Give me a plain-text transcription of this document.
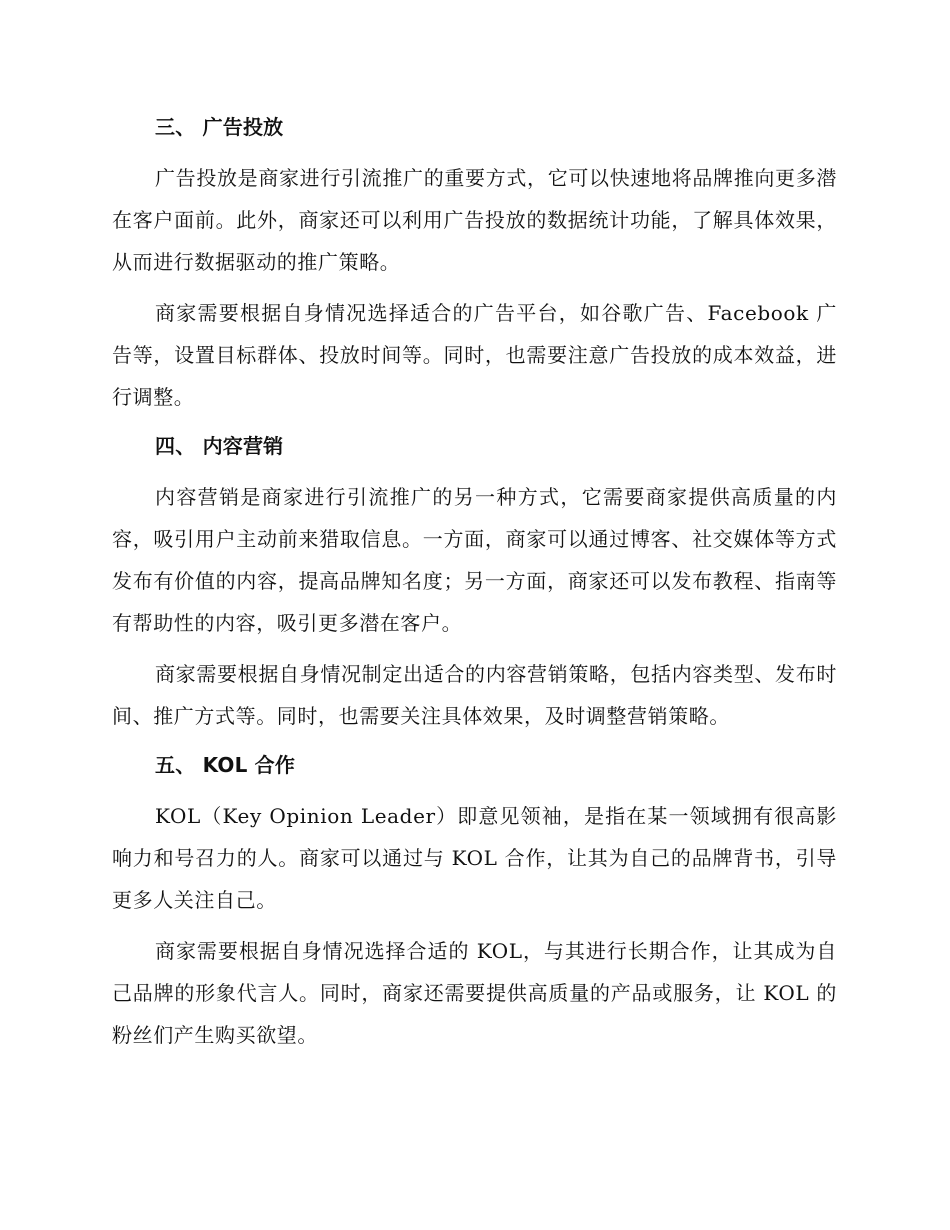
三、 广告投放

广告投放是商家进行引流推广的重要方式，它可以快速地将品牌推向更多潜在客户面前。此外，商家还可以利用广告投放的数据统计功能，了解具体效果，从而进行数据驱动的推广策略。

商家需要根据自身情况选择适合的广告平台，如谷歌广告、Facebook 广告等，设置目标群体、投放时间等。同时，也需要注意广告投放的成本效益，进行调整。

四、 内容营销

内容营销是商家进行引流推广的另一种方式，它需要商家提供高质量的内容，吸引用户主动前来猎取信息。一方面，商家可以通过博客、社交媒体等方式发布有价值的内容，提高品牌知名度；另一方面，商家还可以发布教程、指南等有帮助性的内容，吸引更多潜在客户。

商家需要根据自身情况制定出适合的内容营销策略，包括内容类型、发布时间、推广方式等。同时，也需要关注具体效果，及时调整营销策略。

五、 KOL 合作

KOL（Key Opinion Leader）即意见领袖，是指在某一领域拥有很高影响力和号召力的人。商家可以通过与 KOL 合作，让其为自己的品牌背书，引导更多人关注自己。

商家需要根据自身情况选择合适的 KOL，与其进行长期合作，让其成为自己品牌的形象代言人。同时，商家还需要提供高质量的产品或服务，让 KOL 的粉丝们产生购买欲望。
